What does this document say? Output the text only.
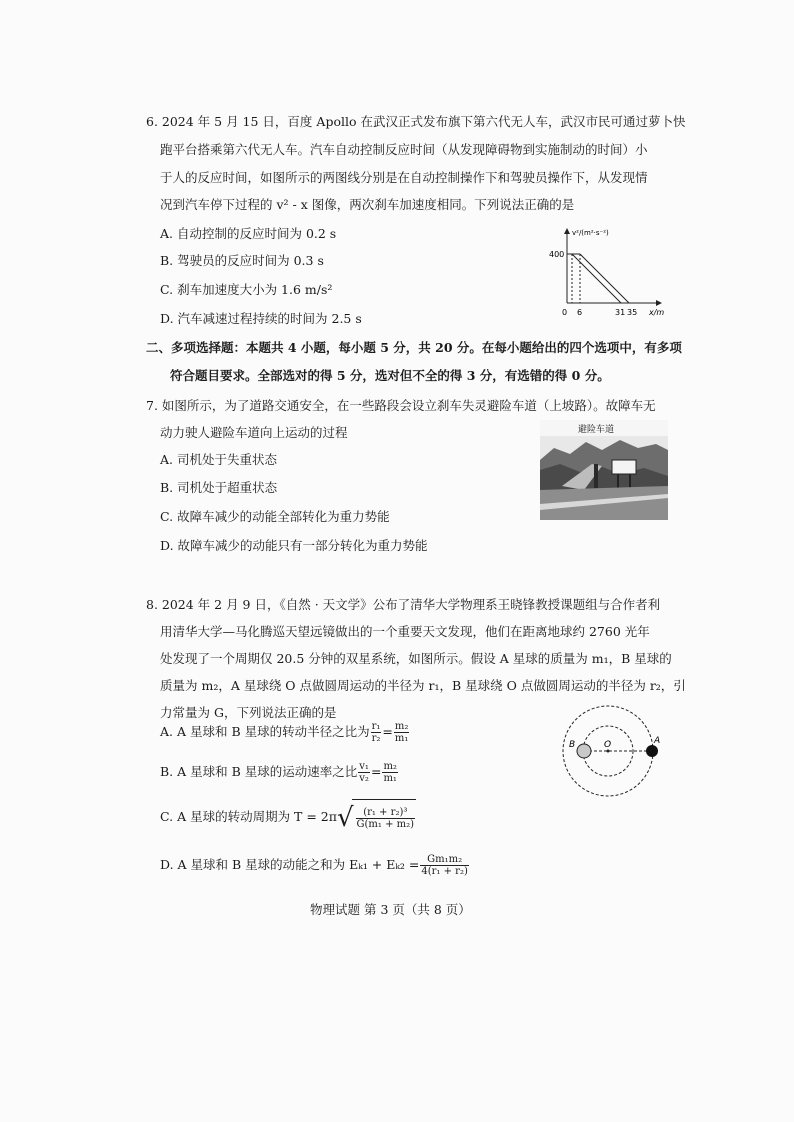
6. 2024 年 5 月 15 日，百度 Apollo 在武汉正式发布旗下第六代无人车，武汉市民可通过萝卜快
跑平台搭乘第六代无人车。汽车自动控制反应时间（从发现障碍物到实施制动的时间）小
于人的反应时间，如图所示的两图线分别是在自动控制操作下和驾驶员操作下，从发现情
况到汽车停下过程的 v² - x 图像，两次刹车加速度相同。下列说法正确的是
A. 自动控制的反应时间为 0.2 s
B. 驾驶员的反应时间为 0.3 s
C. 刹车加速度大小为 1.6 m/s²
D. 汽车减速过程持续的时间为 2.5 s
v²/(m²·s⁻²)
400
0 6	31 35 x/m
二、多项选择题：本题共 4 小题，每小题 5 分，共 20 分。在每小题给出的四个选项中，有多项
符合题目要求。全部选对的得 5 分，选对但不全的得 3 分，有选错的得 0 分。
7. 如图所示，为了道路交通安全，在一些路段会设立刹车失灵避险车道（上坡路）。故障车无
动力驶人避险车道向上运动的过程
A. 司机处于失重状态
B. 司机处于超重状态
C. 故障车减少的动能全部转化为重力势能
D. 故障车减少的动能只有一部分转化为重力势能
避险车道
8. 2024 年 2 月 9 日，《自然 · 天文学》公布了清华大学物理系王晓锋教授课题组与合作者利
用清华大学—马化腾巡天望远镜做出的一个重要天文发现，他们在距离地球约 2760 光年
处发现了一个周期仅 20.5 分钟的双星系统，如图所示。假设 A 星球的质量为 m₁，B 星球的
质量为 m₂，A 星球绕 O 点做圆周运动的半径为 r₁，B 星球绕 O 点做圆周运动的半径为 r₂，引
力常量为 G，下列说法正确的是
A. A 星球和 B 星球的转动半径之比为 $\frac{\text{r₁}}{\text{r₂}} = \frac{\text{m₂}}{\text{m₁}}$
B. A 星球和 B 星球的运动速率之比 $\frac{\text{v₁}}{\text{v₂}} = \frac{\text{m₂}}{\text{m₁}}$
C. A 星球的转动周期为 $T = 2\pi√ \frac{\text{(r₁ + r₂)³}}{\text{G(m₁ + m₂)}}$
D. A 星球和 B 星球的动能之和为 $E_{k1} + E_{k2} = \frac{\text{Gm₁m₂}}{\text{4(r₁ + r₂)}}$
B	O	A
物理试题 第 3 页（共 8 页）
